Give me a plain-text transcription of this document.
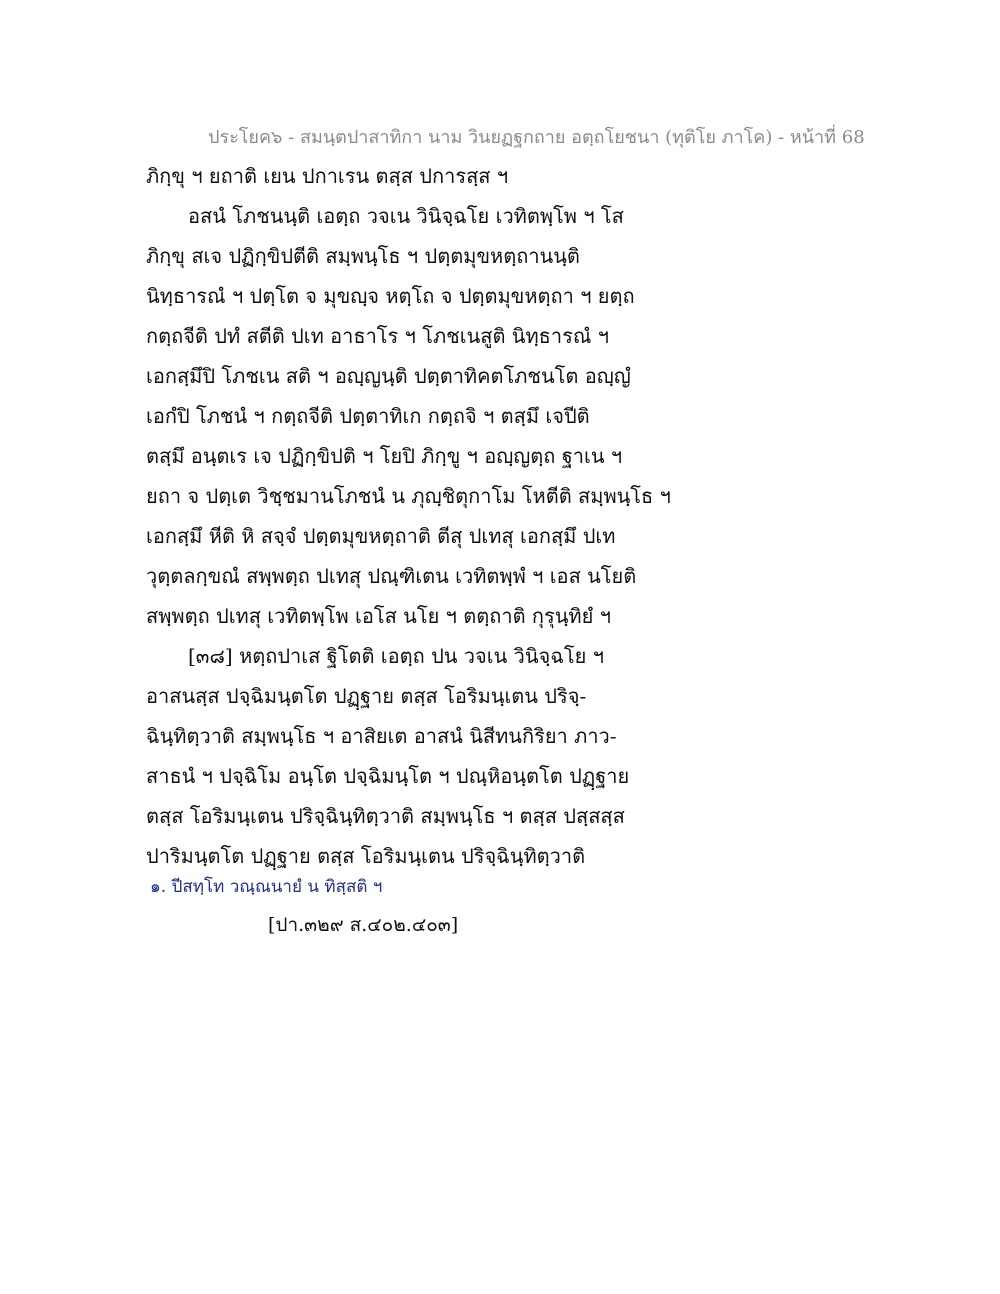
ประโยค๖ - สมนฺตปาสาทิกา นาม วินยฏฐกถาย อตฺถโยชนา (ทุติโย ภาโค) - หน้าที่ 68
ภิกฺขุ ฯ ยถาติ เยน ปกาเรน ตสฺส ปการสฺส ฯ
อสนํ โภชนนฺติ เอตฺถ วจเน วินิจฺฉโย เวทิตพฺโพ ฯ โส
ภิกฺขุ สเจ ปฏิกฺขิปตีติ สมฺพนฺโธ ฯ ปตฺตมุขหตฺถานนฺติ
นิทฺธารณํ ฯ ปตฺโต จ มุขญฺจ หตฺโถ จ ปตฺตมุขหตฺถา ฯ ยตฺถ
กตฺถจีติ ปทํ สตีติ ปเท อาธาโร ฯ โภชเนสูติ นิทฺธารณํ ฯ
เอกสฺมึปิ โภชเน สติ ฯ อญฺญนฺติ ปตฺตาทิคตโภชนโต อญฺญํ
เอกํปิ โภชนํ ฯ กตฺถจีติ ปตฺตาทิเก กตฺถจิ ฯ ตสฺมึ เจปีติ
ตสฺมึ อนฺตเร เจ ปฏิกฺขิปติ ฯ โยปิ ภิกฺขู ฯ อญฺญตฺถ ฐาเน ฯ
ยถา จ ปตฺเต วิชฺชมานโภชนํ น ภุญฺชิตุกาโม โหตีติ สมฺพนฺโธ ฯ
เอกสฺมึ หีติ หิ สจฺจํ ปตฺตมุขหตฺถาติ ตีสุ ปเทสุ เอกสฺมึ ปเท
วุตฺตลกฺขณํ สพฺพตฺถ ปเทสุ ปณฺฑิเตน เวทิตพฺพํ ฯ เอส นโยติ
สพฺพตฺถ ปเทสุ เวทิตพฺโพ เอโส นโย ฯ ตตฺถาติ กุรุนฺทิยํ ฯ
[๓๘] หตฺถปาเส ฐิโตติ เอตฺถ ปน วจเน วินิจฺฉโย ฯ
อาสนสฺส ปจฺฉิมนฺตโต ปฏฺฐาย ตสฺส โอริมนฺเตน ปริจฺ-
ฉินฺทิตฺวาติ สมฺพนฺโธ ฯ อาสิยเต อาสนํ นิสีทนกิริยา ภาว-
สาธนํ ฯ ปจฺฉิโม อนฺโต ปจฺฉิมนฺโต ฯ ปณฺหิอนฺตโต ปฏฺฐาย
ตสฺส โอริมนฺเตน ปริจฺฉินฺทิตฺวาติ สมฺพนฺโธ ฯ ตสฺส ปสฺสสฺส
ปาริมนฺตโต ปฏฺฐาย ตสฺส โอริมนฺเตน ปริจฺฉินฺทิตฺวาติ
๑. ปีสทฺโท วณฺณนายํ น ทิสฺสติ ฯ
[ปา.๓๒๙ ส.๔๐๒.๔๐๓]
